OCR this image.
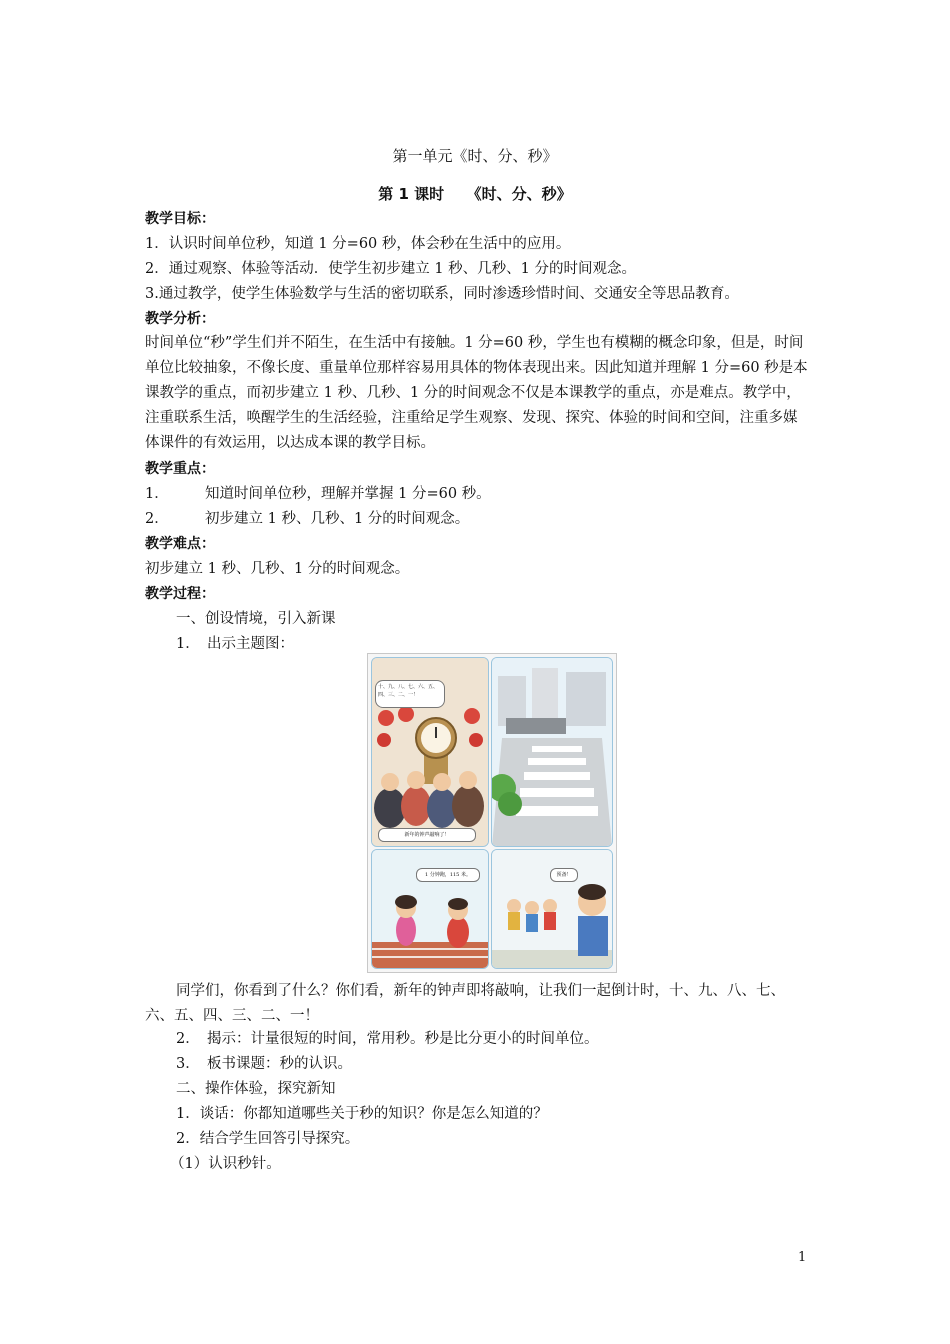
第一单元《时、分、秒》
第 1 课时　　《时、分、秒》
教学目标：
1．认识时间单位秒，知道 1 分=60 秒，体会秒在生活中的应用。
2．通过观察、体验等活动．使学生初步建立 1 秒、几秒、1 分的时间观念。
3.通过教学，使学生体验数学与生活的密切联系，同时渗透珍惜时间、交通安全等思品教育。
教学分析：
时间单位“秒”学生们并不陌生，在生活中有接触。1 分=60 秒，学生也有模糊的概念印象，但是，时间单位比较抽象，不像长度、重量单位那样容易用具体的物体表现出来。因此知道并理解 1 分=60 秒是本课教学的重点，而初步建立 1 秒、几秒、1 分的时间观念不仅是本课教学的重点，亦是难点。教学中，注重联系生活，唤醒学生的生活经验，注重给足学生观察、发现、探究、体验的时间和空间，注重多媒体课件的有效运用，以达成本课的教学目标。
教学重点：
1．	知道时间单位秒，理解并掌握 1 分=60 秒。
2．	初步建立 1 秒、几秒、1 分的时间观念。
教学难点：
初步建立 1 秒、几秒、1 分的时间观念。
教学过程：
一、创设情境，引入新课
1．　出示主题图：
十、九、八、七、六、五、四、三、二、一！
新年的钟声敲响了！
1 分钟跑，115 米。	预备！
同学们，你看到了什么？你们看，新年的钟声即将敲响，让我们一起倒计时，十、九、八、七、六、五、四、三、二、一！
2．　揭示：计量很短的时间，常用秒。秒是比分更小的时间单位。
3．　板书课题：秒的认识。
二、操作体验，探究新知
1．谈话：你都知道哪些关于秒的知识？你是怎么知道的？
2．结合学生回答引导探究。
（1）认识秒针。
1
